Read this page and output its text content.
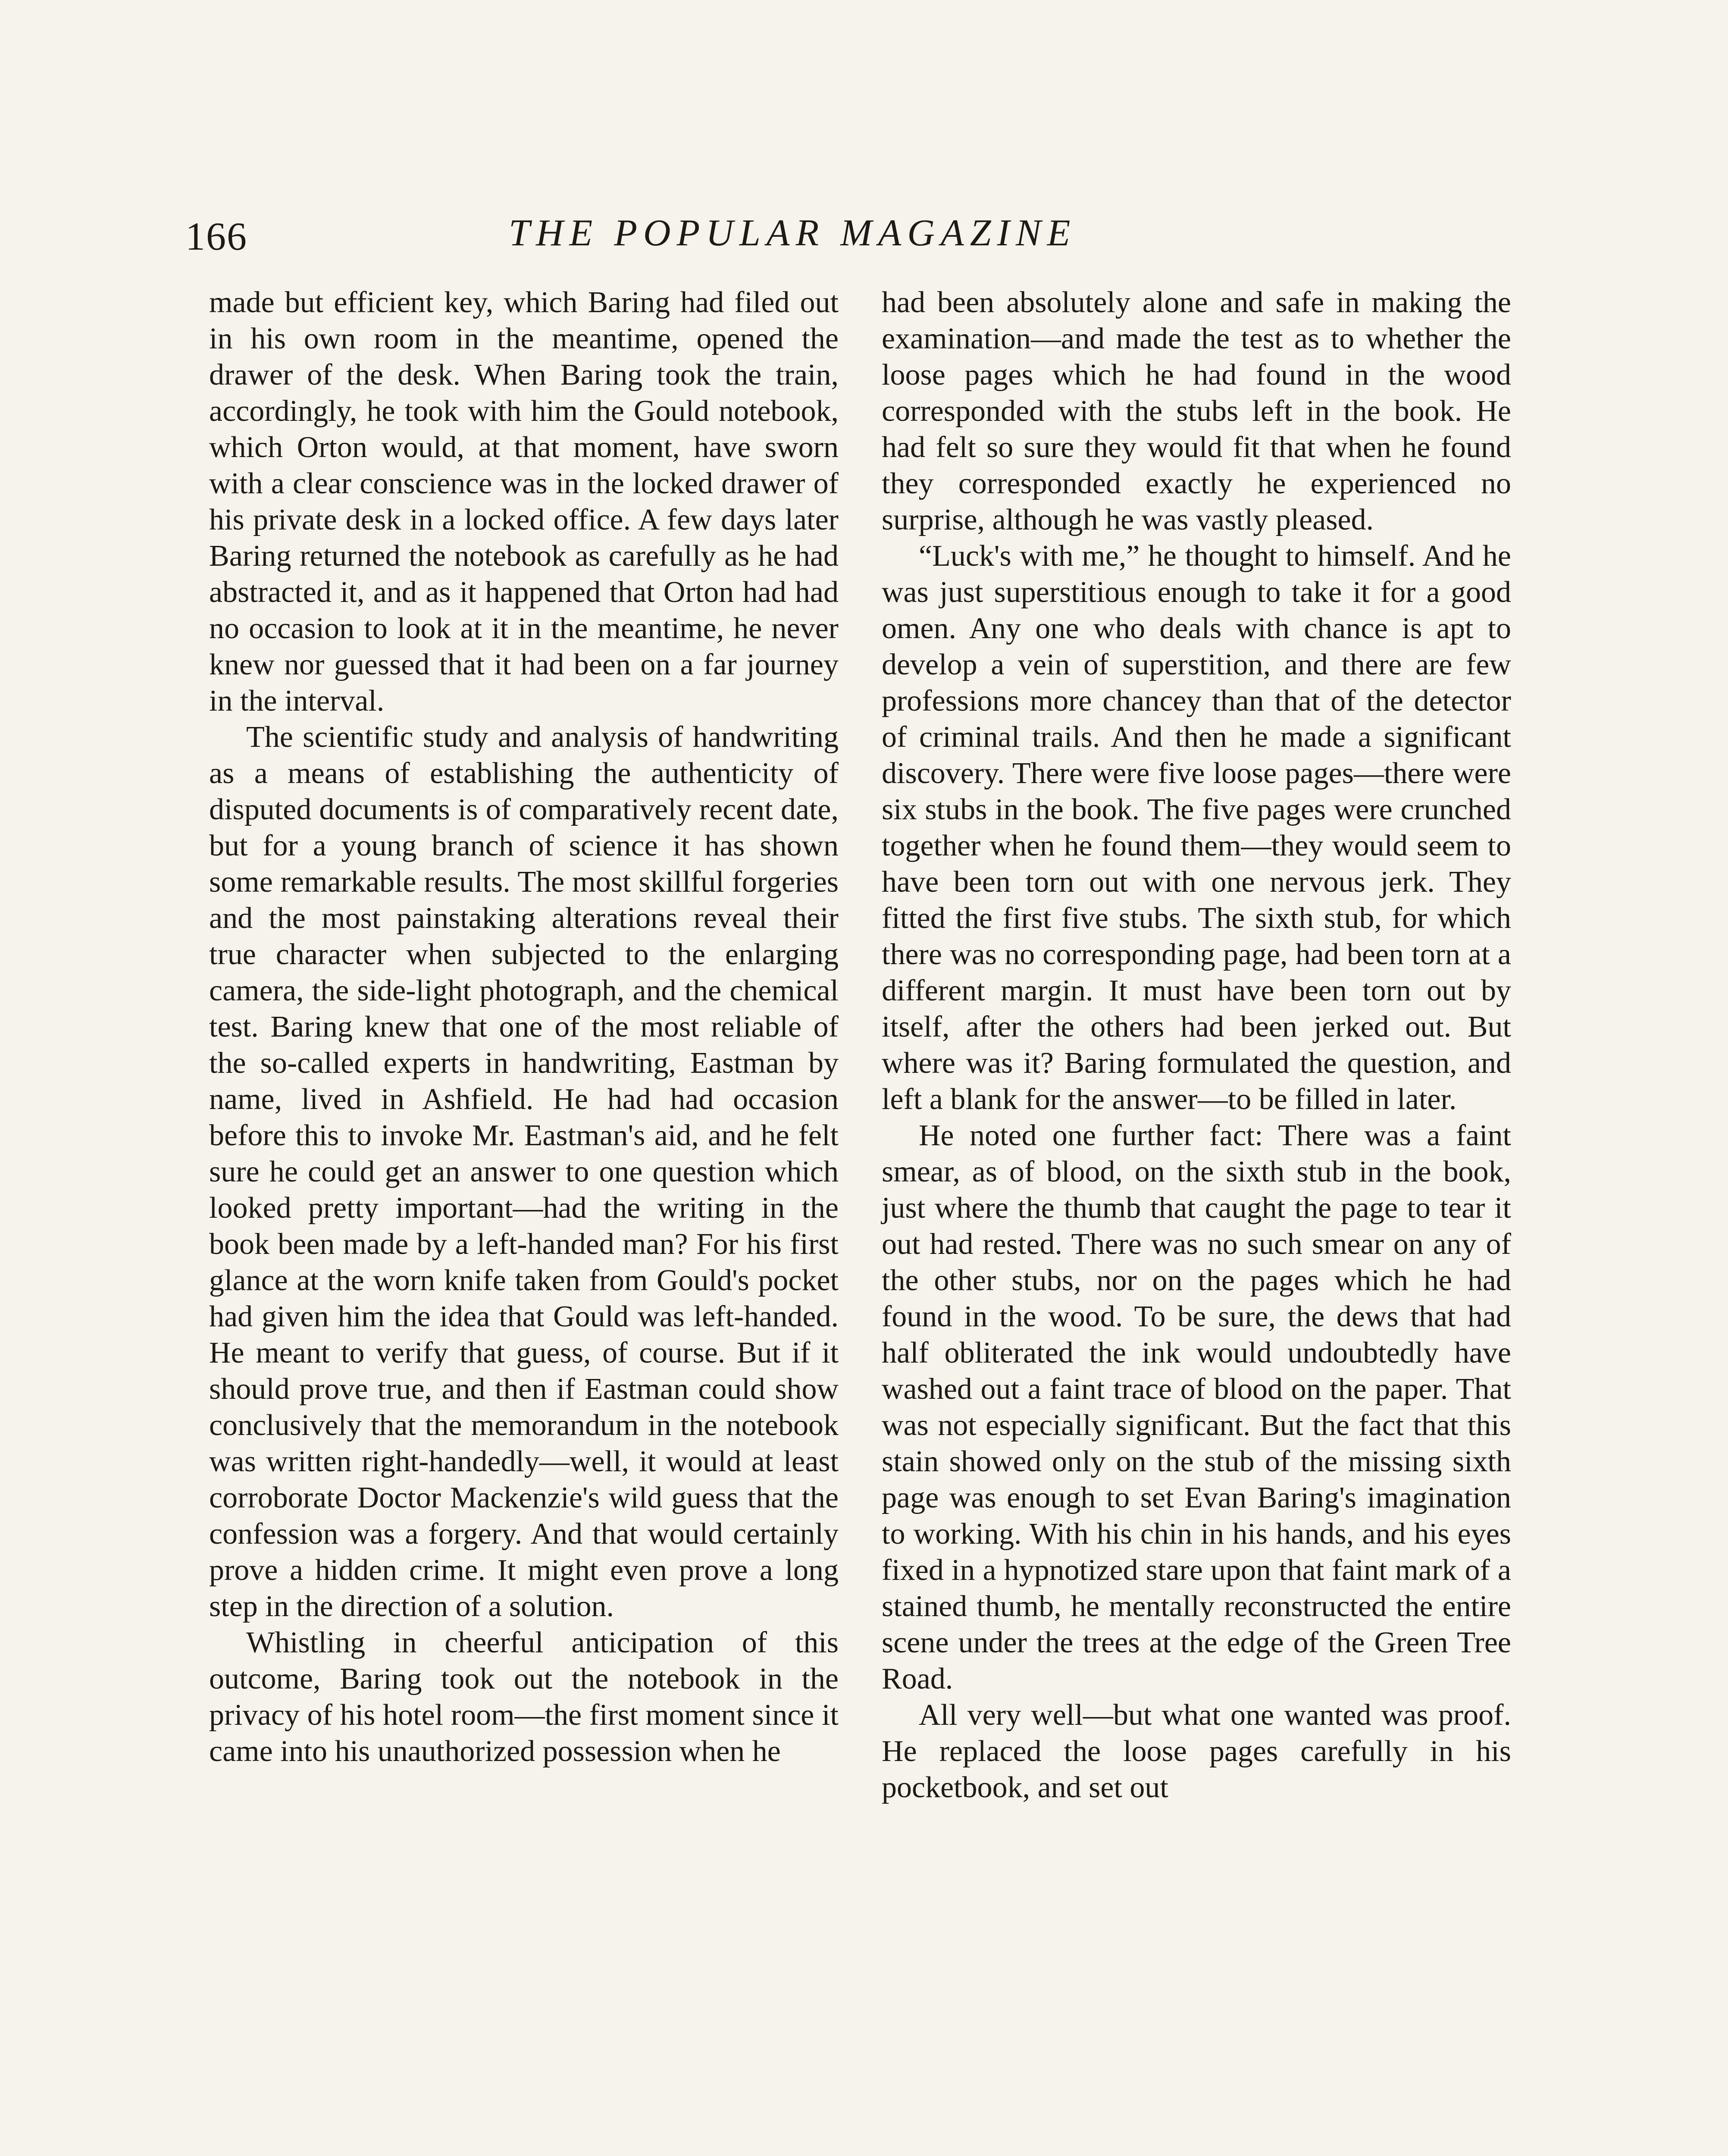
166	THE POPULAR MAGAZINE

made but efficient key, which Baring had filed out in his own room in the meantime, opened the drawer of the desk. When Baring took the train, accordingly, he took with him the Gould notebook, which Orton would, at that moment, have sworn with a clear conscience was in the locked drawer of his private desk in a locked office. A few days later Baring returned the notebook as carefully as he had abstracted it, and as it happened that Orton had had no occasion to look at it in the meantime, he never knew nor guessed that it had been on a far journey in the interval.

The scientific study and analysis of handwriting as a means of establishing the authenticity of disputed documents is of comparatively recent date, but for a young branch of science it has shown some remarkable results. The most skillful forgeries and the most painstaking alterations reveal their true character when subjected to the enlarging camera, the side-light photograph, and the chemical test. Baring knew that one of the most reliable of the so-called experts in handwriting, Eastman by name, lived in Ashfield. He had had occasion before this to invoke Mr. Eastman's aid, and he felt sure he could get an answer to one question which looked pretty important—had the writing in the book been made by a left-handed man? For his first glance at the worn knife taken from Gould's pocket had given him the idea that Gould was left-handed. He meant to verify that guess, of course. But if it should prove true, and then if Eastman could show conclusively that the memorandum in the notebook was written right-handedly—well, it would at least corroborate Doctor Mackenzie's wild guess that the confession was a forgery. And that would certainly prove a hidden crime. It might even prove a long step in the direction of a solution.

Whistling in cheerful anticipation of this outcome, Baring took out the notebook in the privacy of his hotel room—the first moment since it came into his unauthorized possession when he

had been absolutely alone and safe in making the examination—and made the test as to whether the loose pages which he had found in the wood corresponded with the stubs left in the book. He had felt so sure they would fit that when he found they corresponded exactly he experienced no surprise, although he was vastly pleased.

“Luck's with me,” he thought to himself. And he was just superstitious enough to take it for a good omen. Any one who deals with chance is apt to develop a vein of superstition, and there are few professions more chancey than that of the detector of criminal trails. And then he made a significant discovery. There were five loose pages—there were six stubs in the book. The five pages were crunched together when he found them—they would seem to have been torn out with one nervous jerk. They fitted the first five stubs. The sixth stub, for which there was no corresponding page, had been torn at a different margin. It must have been torn out by itself, after the others had been jerked out. But where was it? Baring formulated the question, and left a blank for the answer—to be filled in later.

He noted one further fact: There was a faint smear, as of blood, on the sixth stub in the book, just where the thumb that caught the page to tear it out had rested. There was no such smear on any of the other stubs, nor on the pages which he had found in the wood. To be sure, the dews that had half obliterated the ink would undoubtedly have washed out a faint trace of blood on the paper. That was not especially significant. But the fact that this stain showed only on the stub of the missing sixth page was enough to set Evan Baring's imagination to working. With his chin in his hands, and his eyes fixed in a hypnotized stare upon that faint mark of a stained thumb, he mentally reconstructed the entire scene under the trees at the edge of the Green Tree Road.

All very well—but what one wanted was proof. He replaced the loose pages carefully in his pocketbook, and set out
